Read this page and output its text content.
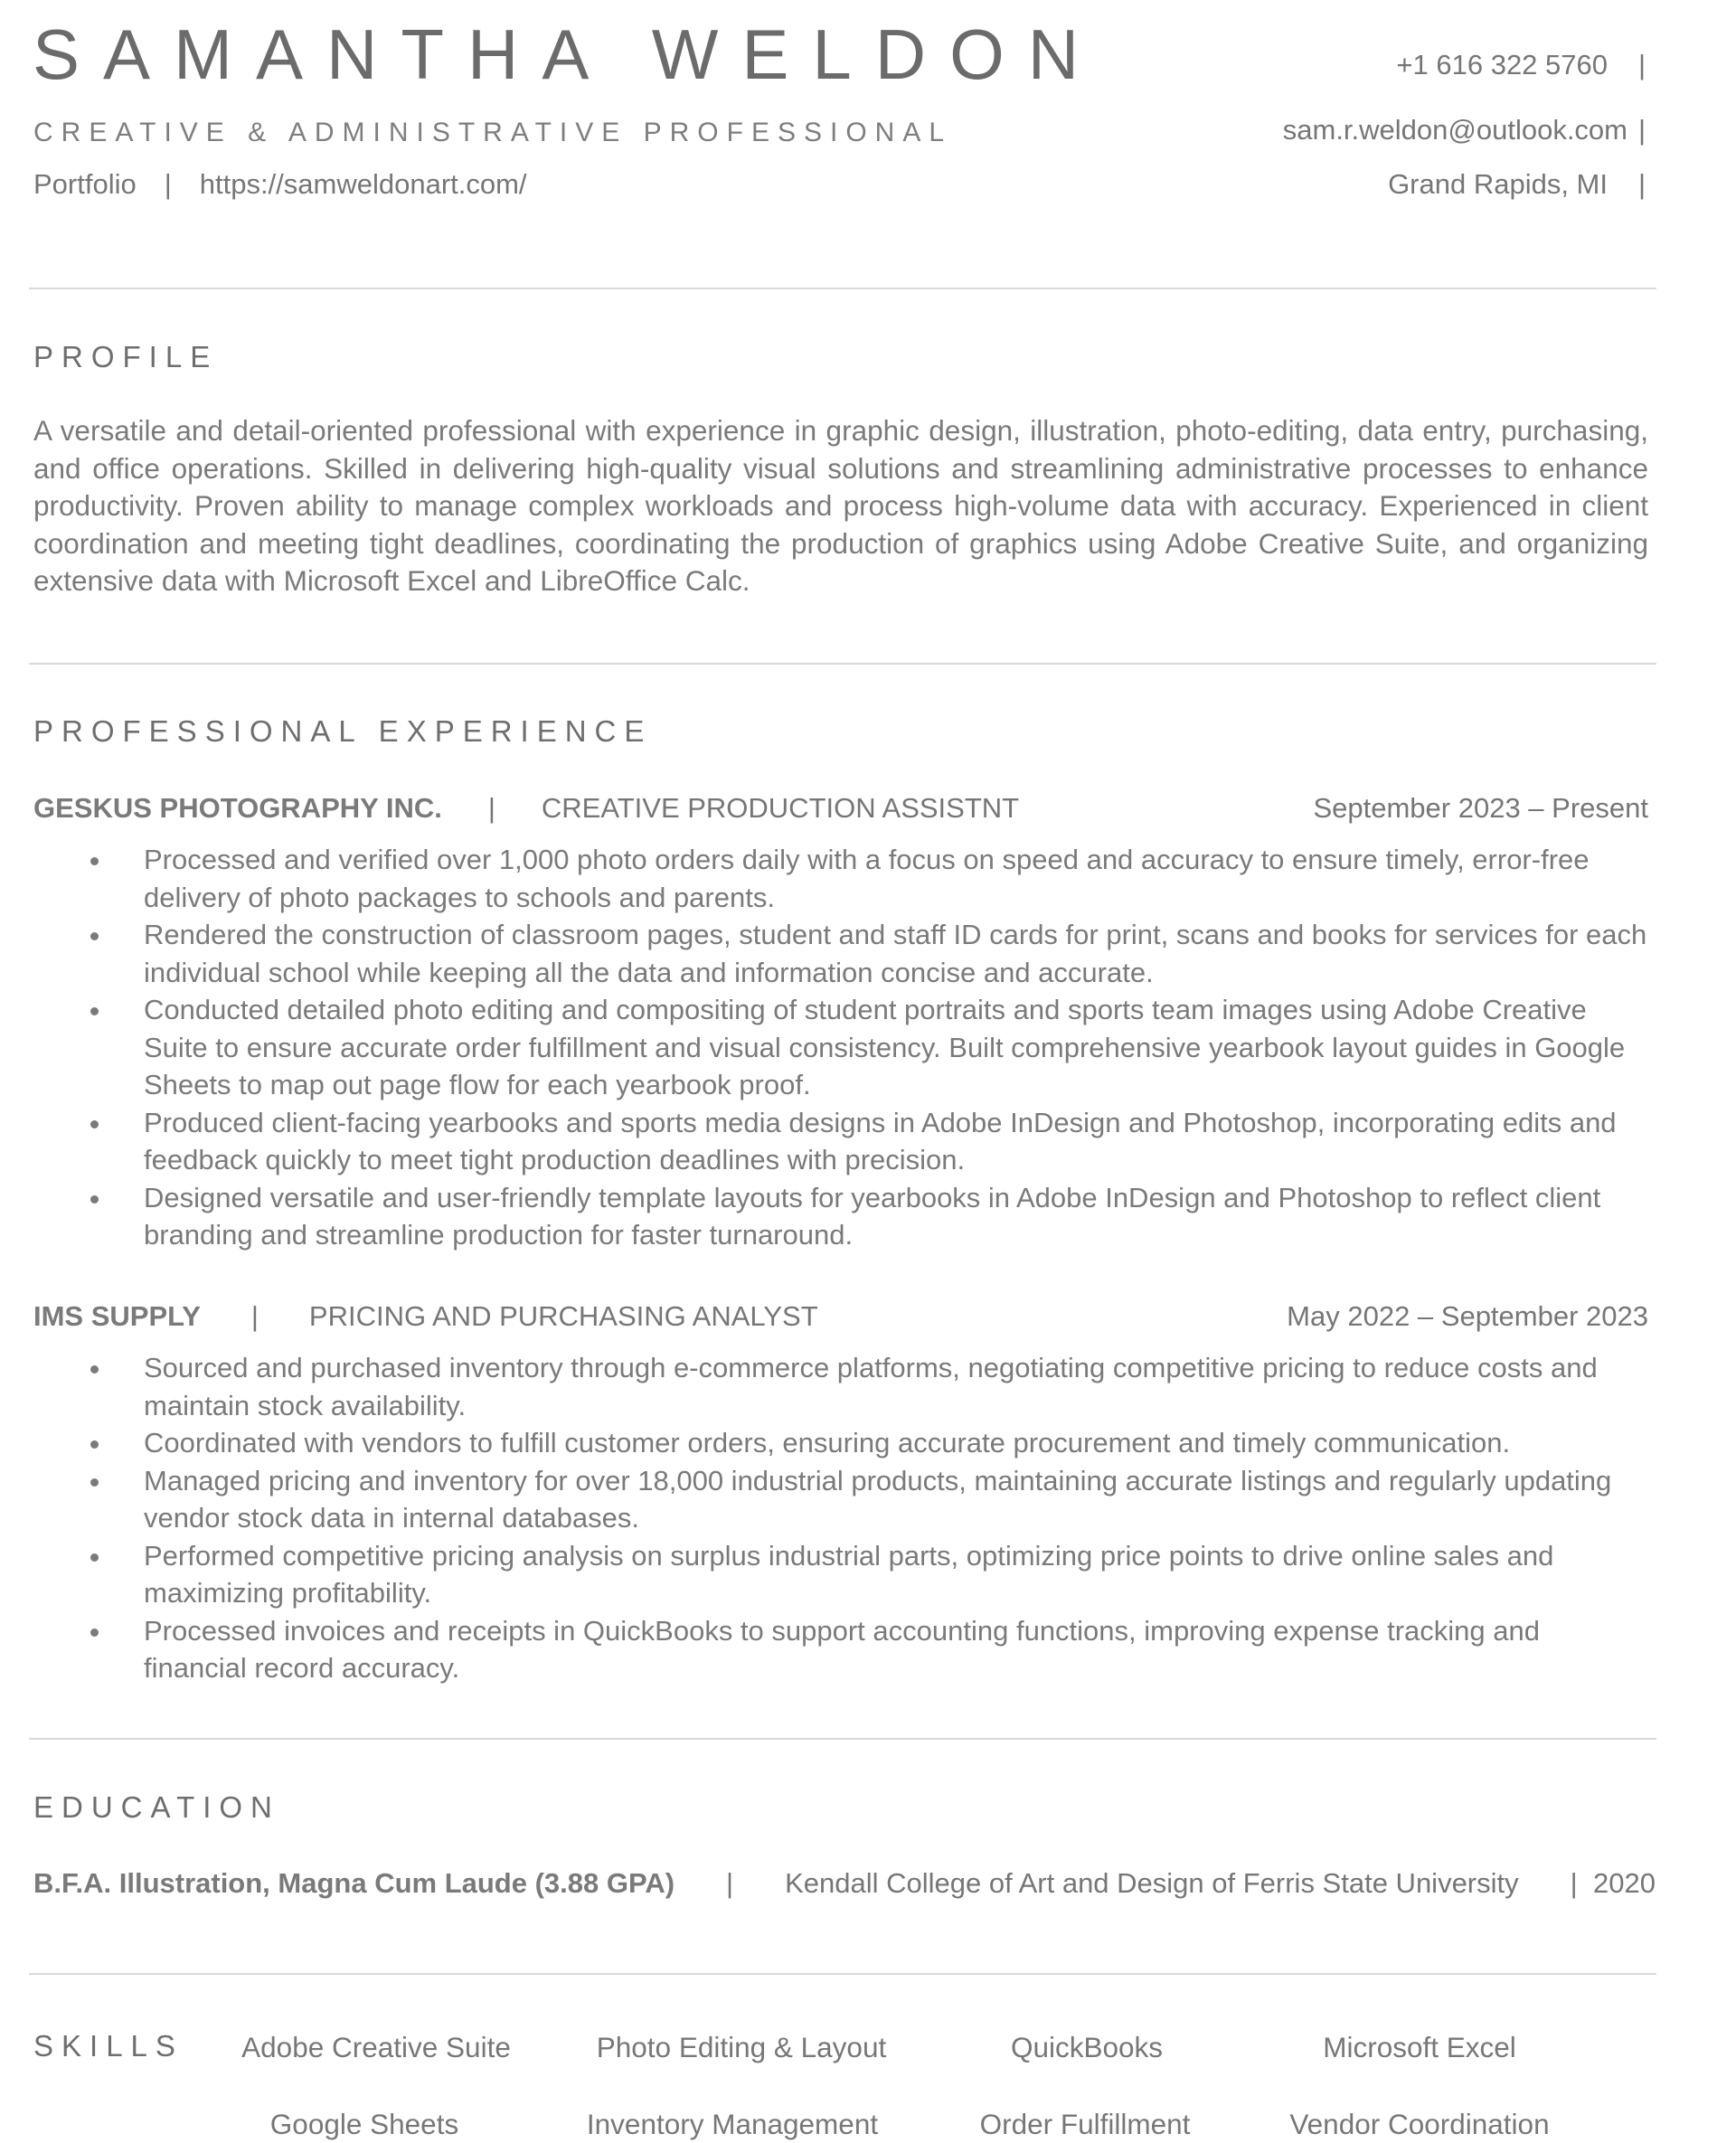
SAMANTHA WELDON
CREATIVE & ADMINISTRATIVE PROFESSIONAL
Portfolio | https://samweldonart.com/
+1 616 322 5760 |
sam.r.weldon@outlook.com |
Grand Rapids, MI |
PROFILE
A versatile and detail-oriented professional with experience in graphic design, illustration, photo-editing, data entry, purchasing, and office operations. Skilled in delivering high-quality visual solutions and streamlining administrative processes to enhance productivity. Proven ability to manage complex workloads and process high-volume data with accuracy. Experienced in client coordination and meeting tight deadlines, coordinating the production of graphics using Adobe Creative Suite, and organizing extensive data with Microsoft Excel and LibreOffice Calc.
PROFESSIONAL EXPERIENCE
GESKUS PHOTOGRAPHY INC. | CREATIVE PRODUCTION ASSISTNT	September 2023 – Present
Processed and verified over 1,000 photo orders daily with a focus on speed and accuracy to ensure timely, error-free delivery of photo packages to schools and parents.
Rendered the construction of classroom pages, student and staff ID cards for print, scans and books for services for each individual school while keeping all the data and information concise and accurate.
Conducted detailed photo editing and compositing of student portraits and sports team images using Adobe Creative Suite to ensure accurate order fulfillment and visual consistency. Built comprehensive yearbook layout guides in Google Sheets to map out page flow for each yearbook proof.
Produced client-facing yearbooks and sports media designs in Adobe InDesign and Photoshop, incorporating edits and feedback quickly to meet tight production deadlines with precision.
Designed versatile and user-friendly template layouts for yearbooks in Adobe InDesign and Photoshop to reflect client branding and streamline production for faster turnaround.
IMS SUPPLY | PRICING AND PURCHASING ANALYST	May 2022 – September 2023
Sourced and purchased inventory through e-commerce platforms, negotiating competitive pricing to reduce costs and maintain stock availability.
Coordinated with vendors to fulfill customer orders, ensuring accurate procurement and timely communication.
Managed pricing and inventory for over 18,000 industrial products, maintaining accurate listings and regularly updating vendor stock data in internal databases.
Performed competitive pricing analysis on surplus industrial parts, optimizing price points to drive online sales and maximizing profitability.
Processed invoices and receipts in QuickBooks to support accounting functions, improving expense tracking and financial record accuracy.
EDUCATION
B.F.A. Illustration, Magna Cum Laude (3.88 GPA) | Kendall College of Art and Design of Ferris State University | 2020
SKILLS	Adobe Creative Suite	Photo Editing & Layout	QuickBooks	Microsoft Excel
Google Sheets	Inventory Management	Order Fulfillment	Vendor Coordination
